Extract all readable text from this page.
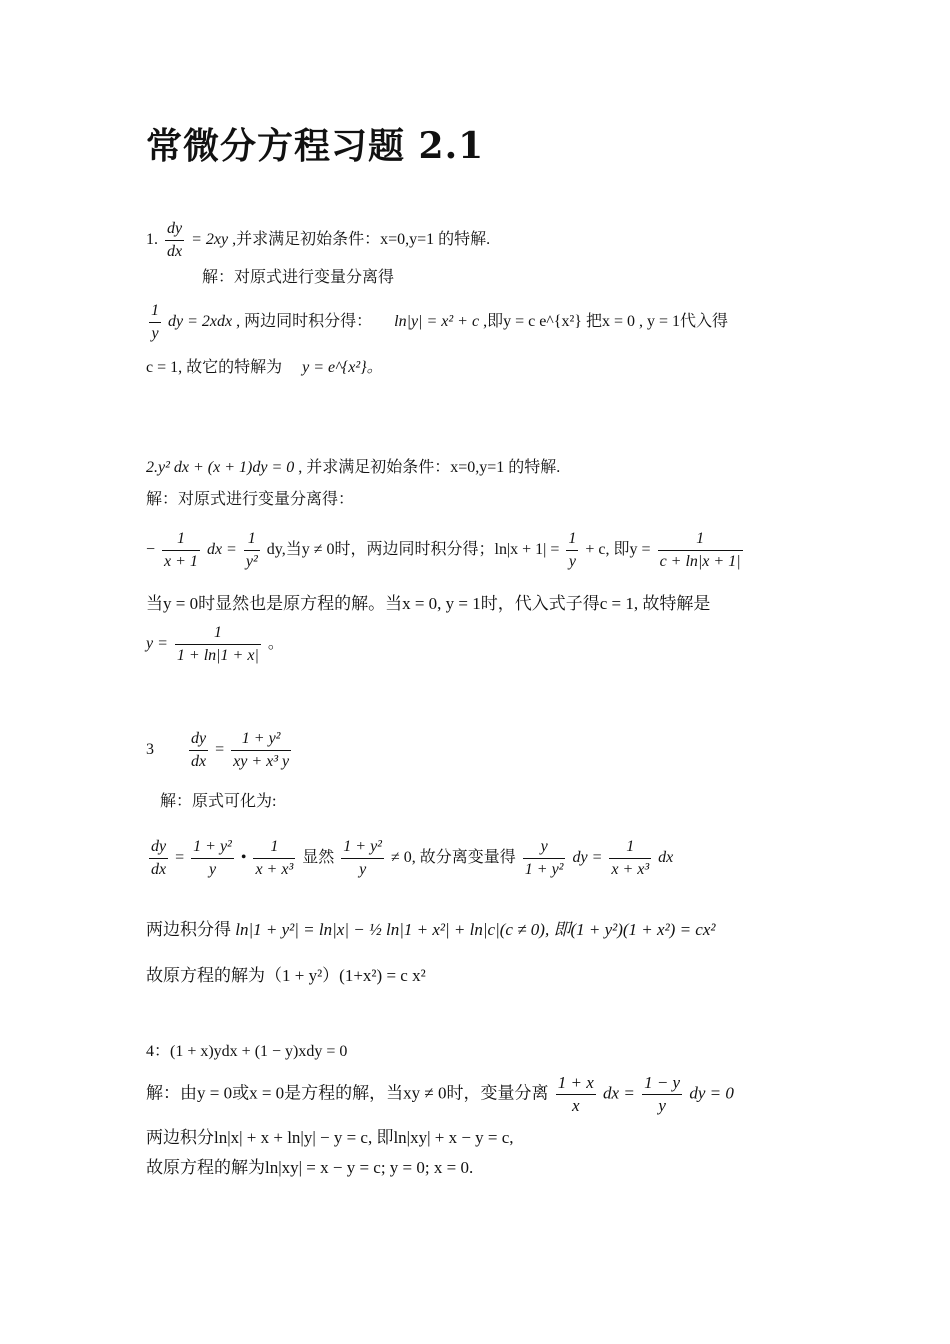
常微分方程习题 2.1
1. $\frac{dy}{dx} = 2xy$ ,并求满足初始条件：x=0,y=1 的特解.
解：对原式进行变量分离得
$\frac{1}{y}$ dy = 2xdx , 两边同时积分得： ln|y| = x² + c ,即y = c e^{x²} 把x = 0 , y = 1代入得
c = 1, 故它的特解为 y = e^{x²}。
2.y² dx + (x + 1)dy = 0 , 并求满足初始条件：x=0,y=1 的特解.
解：对原式进行变量分离得：
− $\frac{1}{x + 1}$ dx = $\frac{1}{\text{y²}}$ dy,当y ≠ 0时，两边同时积分得；$\ln|x + 1| = \frac{1}{y} + c$, 即$y = \frac{1}{c + \ln|x + 1|}$
当y = 0时显然也是原方程的解。当x = 0, y = 1时，代入式子得c = 1, 故特解是
$y = \frac{1}{1 + \ln|1 + x|}$ 。
$3 \frac{dy}{dx} = \frac{\text{1 + y²}}{\text{xy + x³ y}}$
解：原式可化为:
$\frac{dy}{dx} = \frac{\text{1 + y²}}{y}$ • $\frac{1}{\text{x + x³}}$ 显然 $\frac{\text{1 + y²}}{y} \ne 0$, 故分离变量得 $\frac{y}{\text{1 + y²}}$ dy = $\frac{1}{\text{x + x³}}$ dx
两边积分得 ln|1 + y²| = ln|x| − ½ ln|1 + x²| + ln|c|(c ≠ 0), 即(1 + y²)(1 + x²) = cx²
故原方程的解为（1 + y²）(1+x²) = c x²
4：(1 + x)ydx + (1 − y)xdy = 0
解：由y = 0或x = 0是方程的解，当xy ≠ 0时，变量分离 $\frac{1 + x}{x}$ dx = $\frac{1 - y}{y}$ dy = 0
两边积分ln|x| + x + ln|y| − y = c, 即ln|xy| + x − y = c,
故原方程的解为ln|xy| = x − y = c; y = 0; x = 0.
